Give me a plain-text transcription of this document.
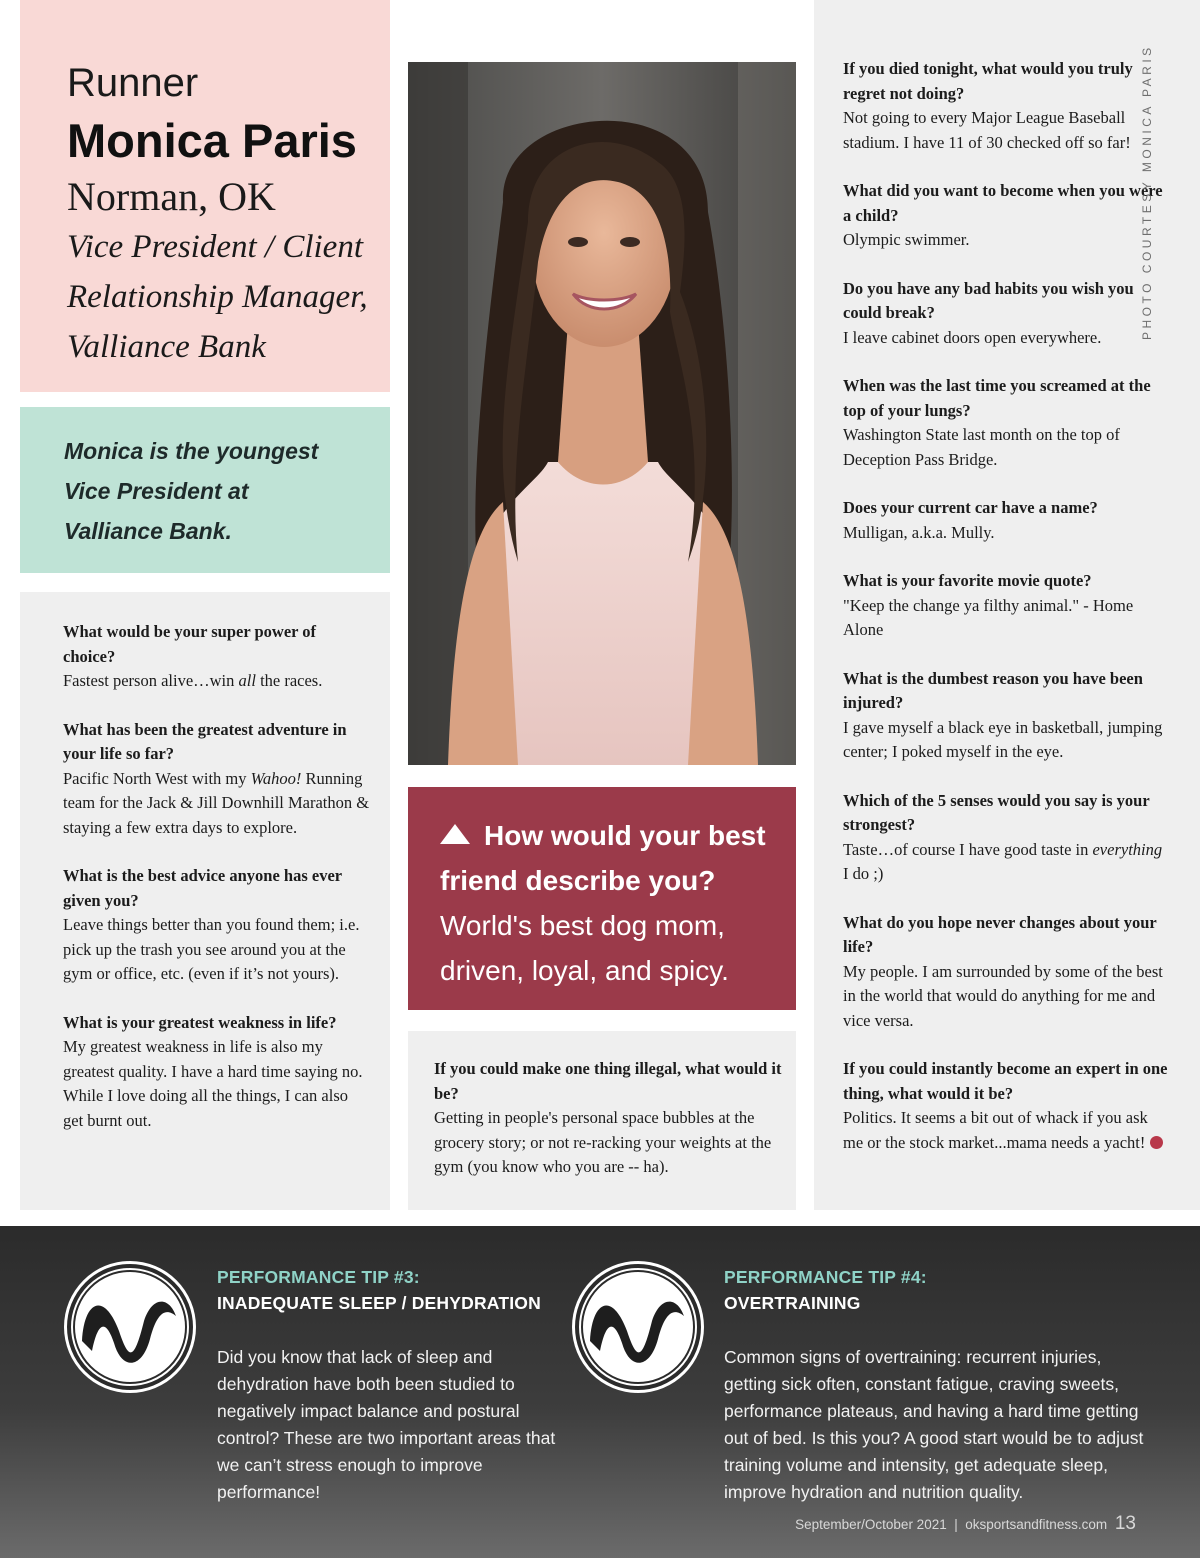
Runner
Monica Paris
Norman, OK
Vice President / Client
Relationship Manager,
Valliance Bank

Monica is the youngest

Vice President at

Valliance Bank.

What would be your super power of choice?

Fastest person alive…win all the races.

What has been the greatest adventure in your life so far?

Pacific North West with my Wahoo! Running team for the Jack & Jill Downhill Marathon & staying a few extra days to explore.

What is the best advice anyone has ever given you?

Leave things better than you found them; i.e. pick up the trash you see around you at the gym or office, etc. (even if it’s not yours).

What is your greatest weakness in life?

My greatest weakness in life is also my greatest quality. I have a hard time saying no. While I love doing all the things, I can also get burnt out.

How would your best friend describe you?

World's best dog mom, driven, loyal, and spicy.

If you could make one thing illegal, what would it be?

Getting in people's personal space bubbles at the grocery story; or not re-racking your weights at the gym (you know who you are -- ha).

If you died tonight, what would you truly regret not doing?

Not going to every Major League Baseball stadium. I have 11 of 30 checked off so far!

What did you want to become when you were a child?

Olympic swimmer.

Do you have any bad habits you wish you could break?

I leave cabinet doors open everywhere.

When was the last time you screamed at the top of your lungs?

Washington State last month on the top of Deception Pass Bridge.

Does your current car have a name?

Mulligan, a.k.a. Mully.

What is your favorite movie quote?

"Keep the change ya filthy animal." - Home Alone

What is the dumbest reason you have been injured?

I gave myself a black eye in basketball, jumping center; I poked myself in the eye.

Which of the 5 senses would you say is your strongest?

Taste…of course I have good taste in everything I do ;)

What do you hope never changes about your life?

My people. I am surrounded by some of the best in the world that would do anything for me and vice versa.

If you could instantly become an expert in one thing, what would it be?

Politics. It seems a bit out of whack if you ask me or the stock market...mama needs a yacht!

PHOTO COURTESY MONICA PARIS

PERFORMANCE TIP #3:

INADEQUATE SLEEP / DEHYDRATION

Did you know that lack of sleep and dehydration have both been studied to negatively impact balance and postural control? These are two important areas that we can’t stress enough to improve performance!

PERFORMANCE TIP #4:

OVERTRAINING

Common signs of overtraining: recurrent injuries, getting sick often, constant fatigue, craving sweets, performance plateaus, and having a hard time getting out of bed. Is this you? A good start would be to adjust training volume and intensity, get adequate sleep, improve hydration and nutrition quality.

September/October 2021 | oksportsandfitness.com 13
